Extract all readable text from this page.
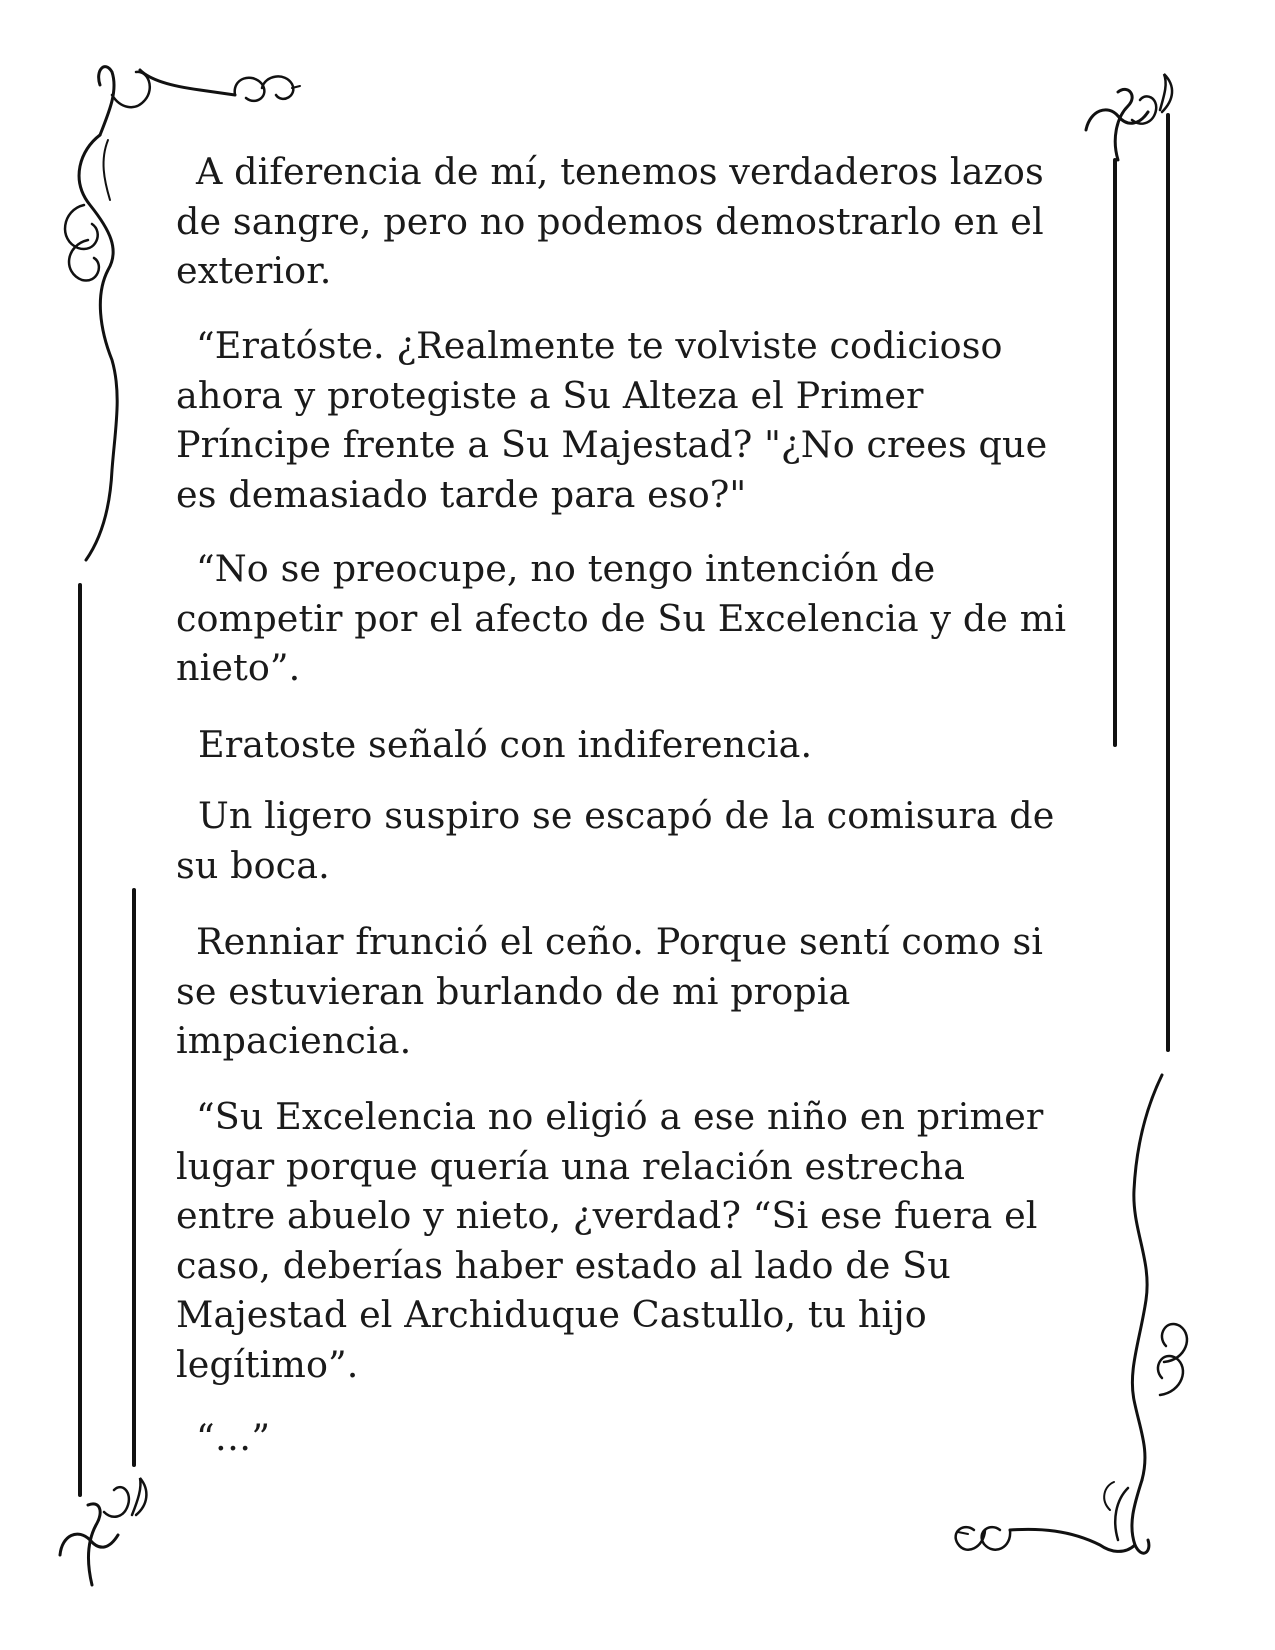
A diferencia de mí, tenemos verdaderos lazos de sangre, pero no podemos demostrarlo en el exterior.

“Eratóste. ¿Realmente te volviste codicioso ahora y protegiste a Su Alteza el Primer Príncipe frente a Su Majestad? "¿No crees que es demasiado tarde para eso?"

“No se preocupe, no tengo intención de competir por el afecto de Su Excelencia y de mi nieto”.

Eratoste señaló con indiferencia.

Un ligero suspiro se escapó de la comisura de su boca.

Renniar frunció el ceño. Porque sentí como si se estuvieran burlando de mi propia impaciencia.

“Su Excelencia no eligió a ese niño en primer lugar porque quería una relación estrecha entre abuelo y nieto, ¿verdad? “Si ese fuera el caso, deberías haber estado al lado de Su Majestad el Archiduque Castullo, tu hijo legítimo”.

“…”
